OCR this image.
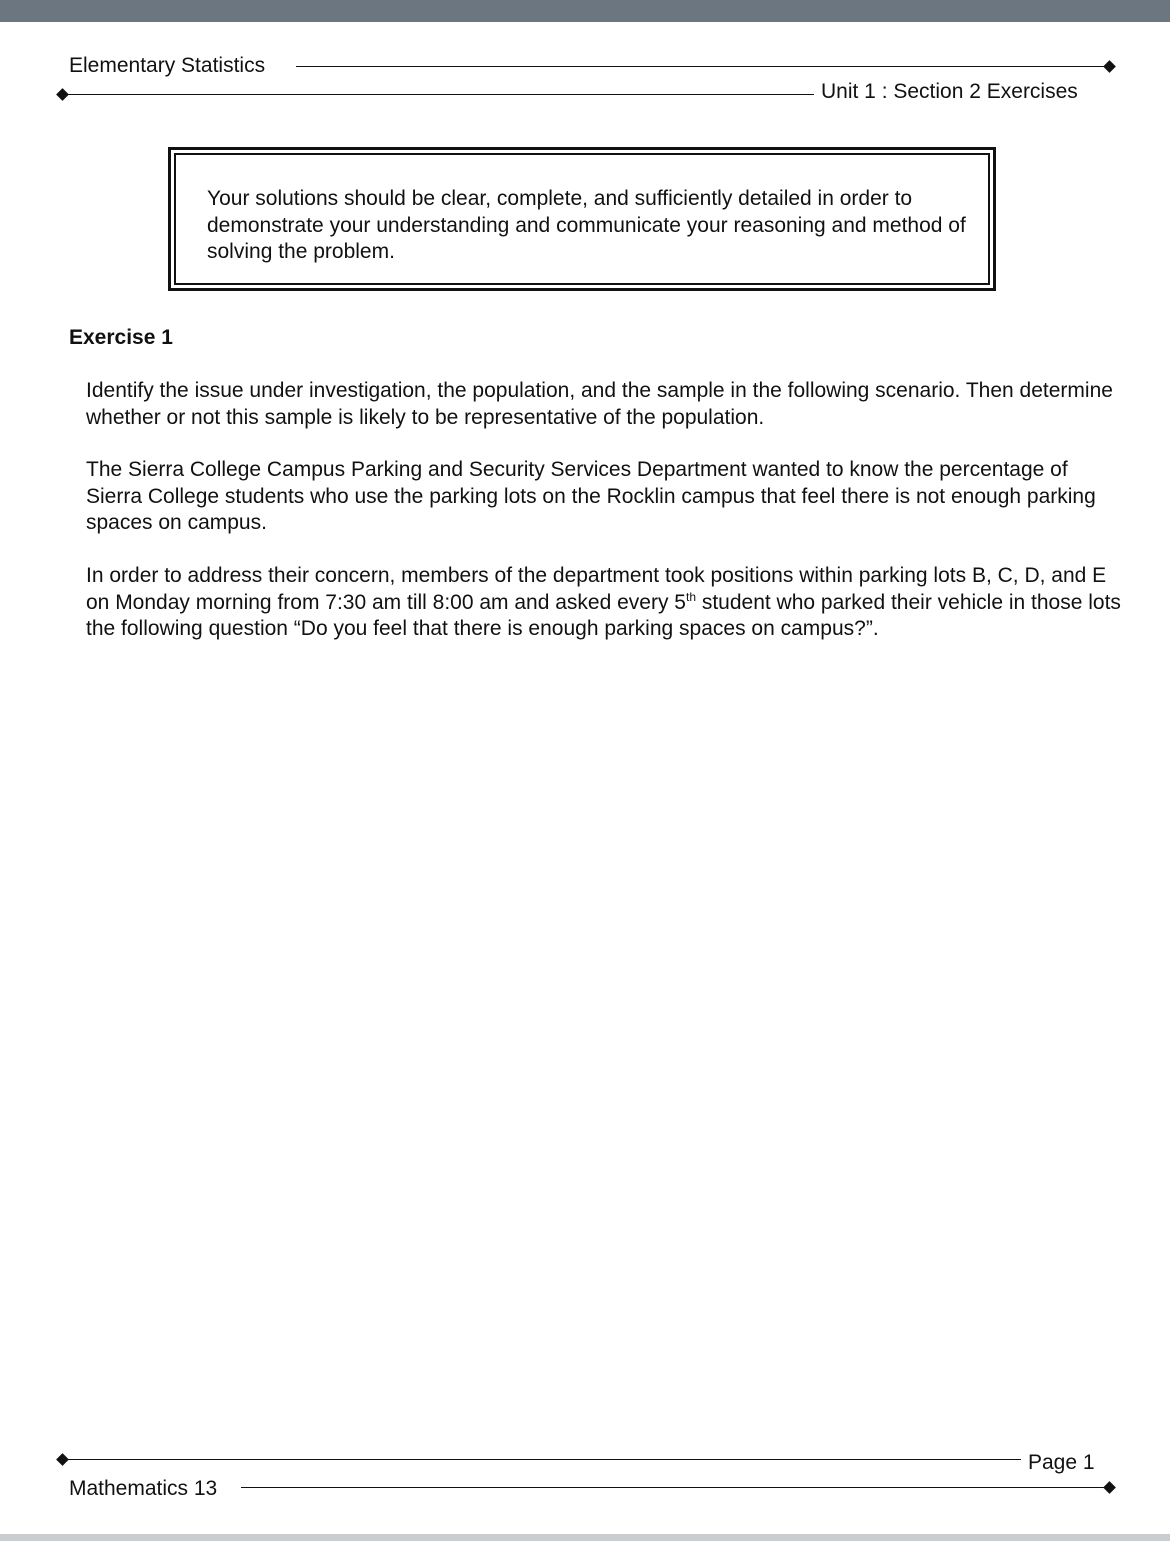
Elementary Statistics
Unit 1 : Section 2 Exercises
Your solutions should be clear, complete, and sufficiently detailed in order to demonstrate your understanding and communicate your reasoning and method of solving the problem.
Exercise 1
Identify the issue under investigation, the population, and the sample in the following scenario. Then determine whether or not this sample is likely to be representative of the population.
The Sierra College Campus Parking and Security Services Department wanted to know the percentage of Sierra College students who use the parking lots on the Rocklin campus that feel there is not enough parking spaces on campus.
In order to address their concern, members of the department took positions within parking lots B, C, D, and E on Monday morning from 7:30 am till 8:00 am and asked every 5th student who parked their vehicle in those lots the following question “Do you feel that there is enough parking spaces on campus?”.
Page 1
Mathematics 13
